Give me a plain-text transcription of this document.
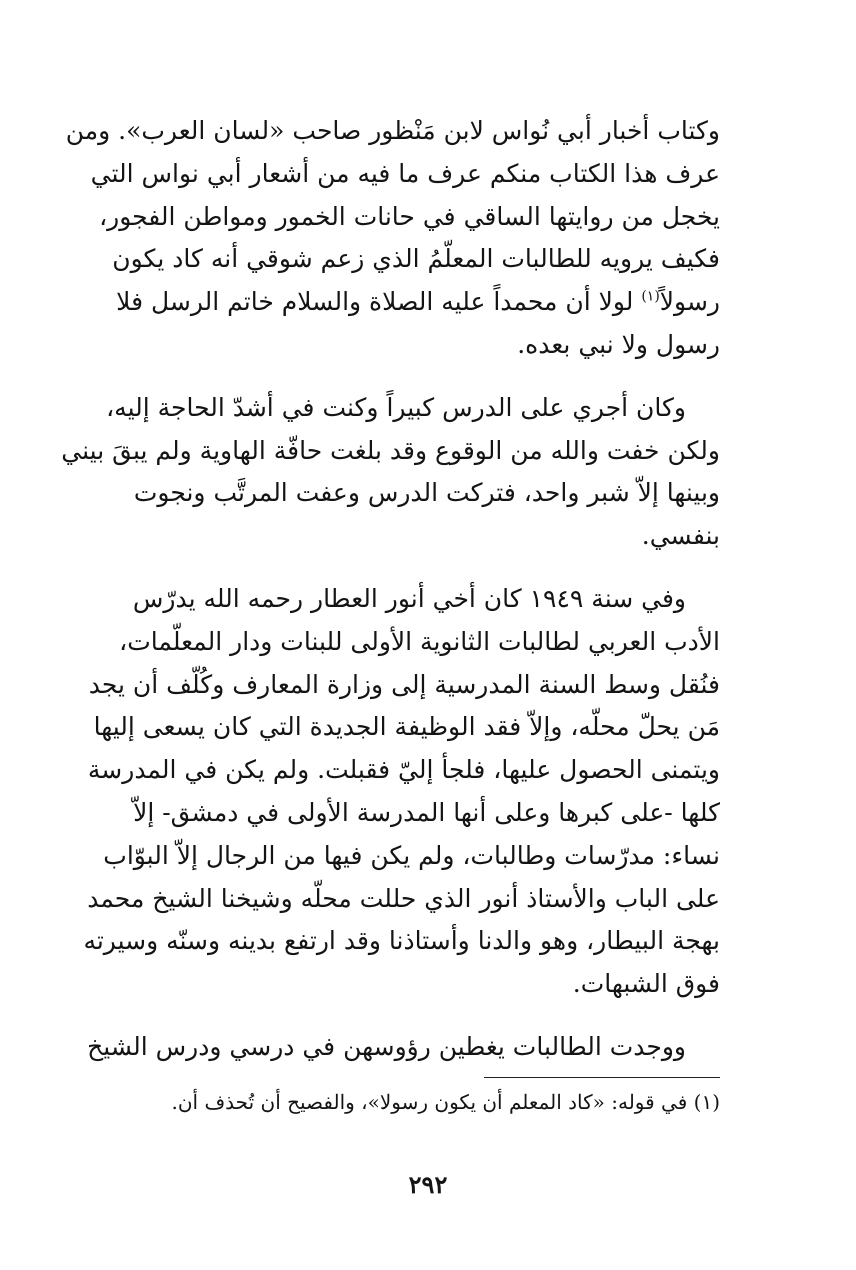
وكتاب أخبار أبي نُواس لابن مَنْظور صاحب «لسان العرب». ومن
عرف هذا الكتاب منكم عرف ما فيه من أشعار أبي نواس التي
يخجل من روايتها الساقي في حانات الخمور ومواطن الفجور،
فكيف يرويه للطالبات المعلّمُ الذي زعم شوقي أنه كاد يكون
رسولاً$^{(١)}$ لولا أن محمداً عليه الصلاة والسلام خاتم الرسل فلا
رسول ولا نبي بعده.

وكان أجري على الدرس كبيراً وكنت في أشدّ الحاجة إليه،
ولكن خفت والله من الوقوع وقد بلغت حافّة الهاوية ولم يبقَ بيني
وبينها إلاّ شبر واحد، فتركت الدرس وعفت المرتَّب ونجوت
بنفسي.

وفي سنة ١٩٤٩ كان أخي أنور العطار رحمه الله يدرّس
الأدب العربي لطالبات الثانوية الأولى للبنات ودار المعلّمات،
فنُقل وسط السنة المدرسية إلى وزارة المعارف وكُلّف أن يجد
مَن يحلّ محلّه، وإلاّ فقد الوظيفة الجديدة التي كان يسعى إليها
ويتمنى الحصول عليها، فلجأ إليّ فقبلت. ولم يكن في المدرسة
كلها -على كبرها وعلى أنها المدرسة الأولى في دمشق- إلاّ
نساء: مدرّسات وطالبات، ولم يكن فيها من الرجال إلاّ البوّاب
على الباب والأستاذ أنور الذي حللت محلّه وشيخنا الشيخ محمد
بهجة البيطار، وهو والدنا وأستاذنا وقد ارتفع بدينه وسنّه وسيرته
فوق الشبهات.

ووجدت الطالبات يغطين رؤوسهن في درسي ودرس الشيخ

(١) في قوله: «كاد المعلم أن يكون رسولا»، والفصيح أن تُحذف أن.
٢٩٢
